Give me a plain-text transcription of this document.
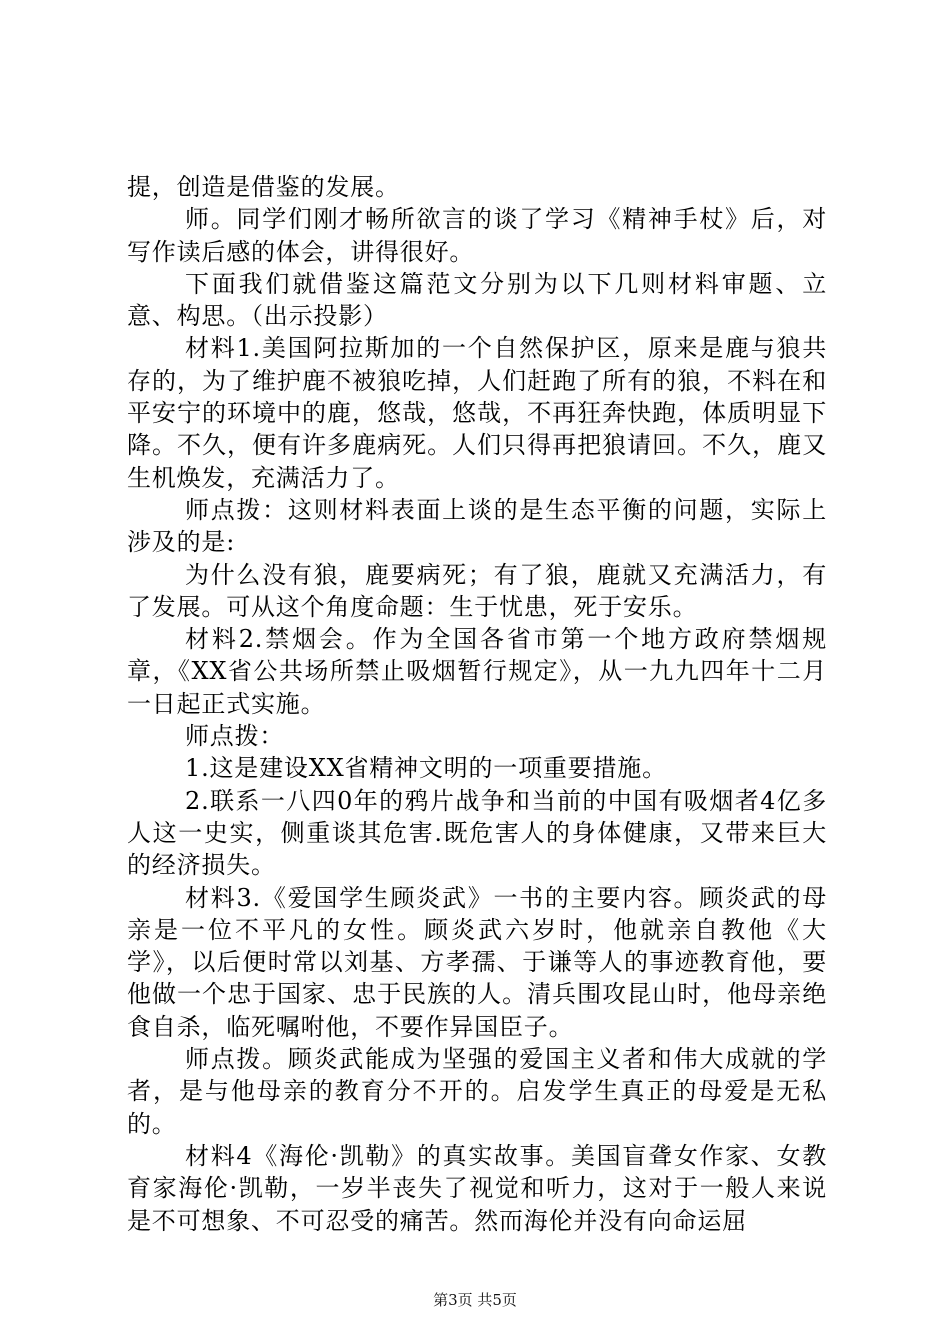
提，创造是借鉴的发展。

师。同学们刚才畅所欲言的谈了学习《精神手杖》后，对写作读后感的体会，讲得很好。

下面我们就借鉴这篇范文分别为以下几则材料审题、立意、构思。（出示投影）

材料1.美国阿拉斯加的一个自然保护区，原来是鹿与狼共存的，为了维护鹿不被狼吃掉，人们赶跑了所有的狼，不料在和平安宁的环境中的鹿，悠哉，悠哉，不再狂奔快跑，体质明显下降。不久，便有许多鹿病死。人们只得再把狼请回。不久，鹿又生机焕发，充满活力了。

师点拨：这则材料表面上谈的是生态平衡的问题，实际上涉及的是:

为什么没有狼，鹿要病死；有了狼，鹿就又充满活力，有了发展。可从这个角度命题：生于忧患，死于安乐。

材料2.禁烟会。作为全国各省市第一个地方政府禁烟规章，《XX省公共场所禁止吸烟暂行规定》，从一九九四年十二月一日起正式实施。

师点拨：

1.这是建设XX省精神文明的一项重要措施。

2.联系一八四0年的鸦片战争和当前的中国有吸烟者4亿多人这一史实，侧重谈其危害.既危害人的身体健康，又带来巨大的经济损失。

材料3.《爱国学生顾炎武》一书的主要内容。顾炎武的母亲是一位不平凡的女性。顾炎武六岁时，他就亲自教他《大学》，以后便时常以刘基、方孝孺、于谦等人的事迹教育他，要他做一个忠于国家、忠于民族的人。清兵围攻昆山时，他母亲绝食自杀，临死嘱咐他，不要作异国臣子。

师点拨。顾炎武能成为坚强的爱国主义者和伟大成就的学者，是与他母亲的教育分不开的。启发学生真正的母爱是无私的。

材料4《海伦·凯勒》的真实故事。美国盲聋女作家、女教育家海伦·凯勒，一岁半丧失了视觉和听力，这对于一般人来说是不可想象、不可忍受的痛苦。然而海伦并没有向命运屈

第3页 共5页
